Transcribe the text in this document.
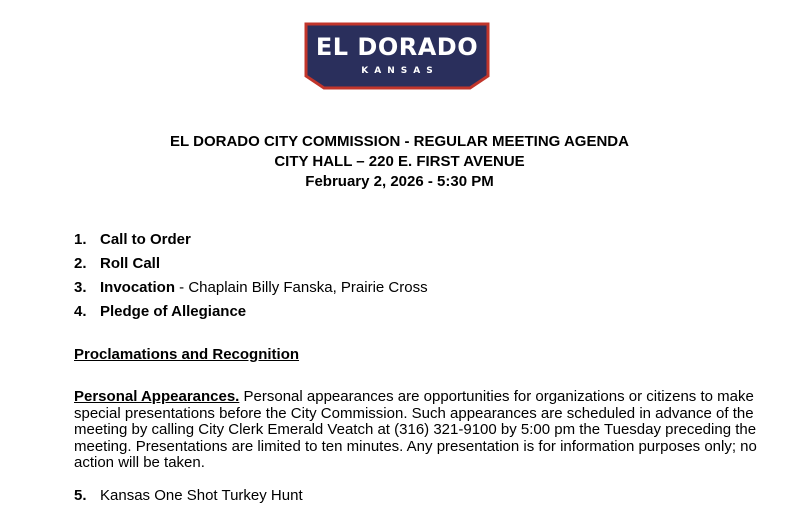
EL DORADO
KANSAS
EL DORADO CITY COMMISSION - REGULAR MEETING AGENDA
CITY HALL – 220 E. FIRST AVENUE
February 2, 2026 - 5:30 PM
1. Call to Order
2. Roll Call
3. Invocation - Chaplain Billy Fanska, Prairie Cross
4. Pledge of Allegiance
Proclamations and Recognition
Personal Appearances. Personal appearances are opportunities for organizations or citizens to make special presentations before the City Commission. Such appearances are scheduled in advance of the meeting by calling City Clerk Emerald Veatch at (316) 321-9100 by 5:00 pm the Tuesday preceding the meeting. Presentations are limited to ten minutes. Any presentation is for information purposes only; no action will be taken.
5. Kansas One Shot Turkey Hunt
